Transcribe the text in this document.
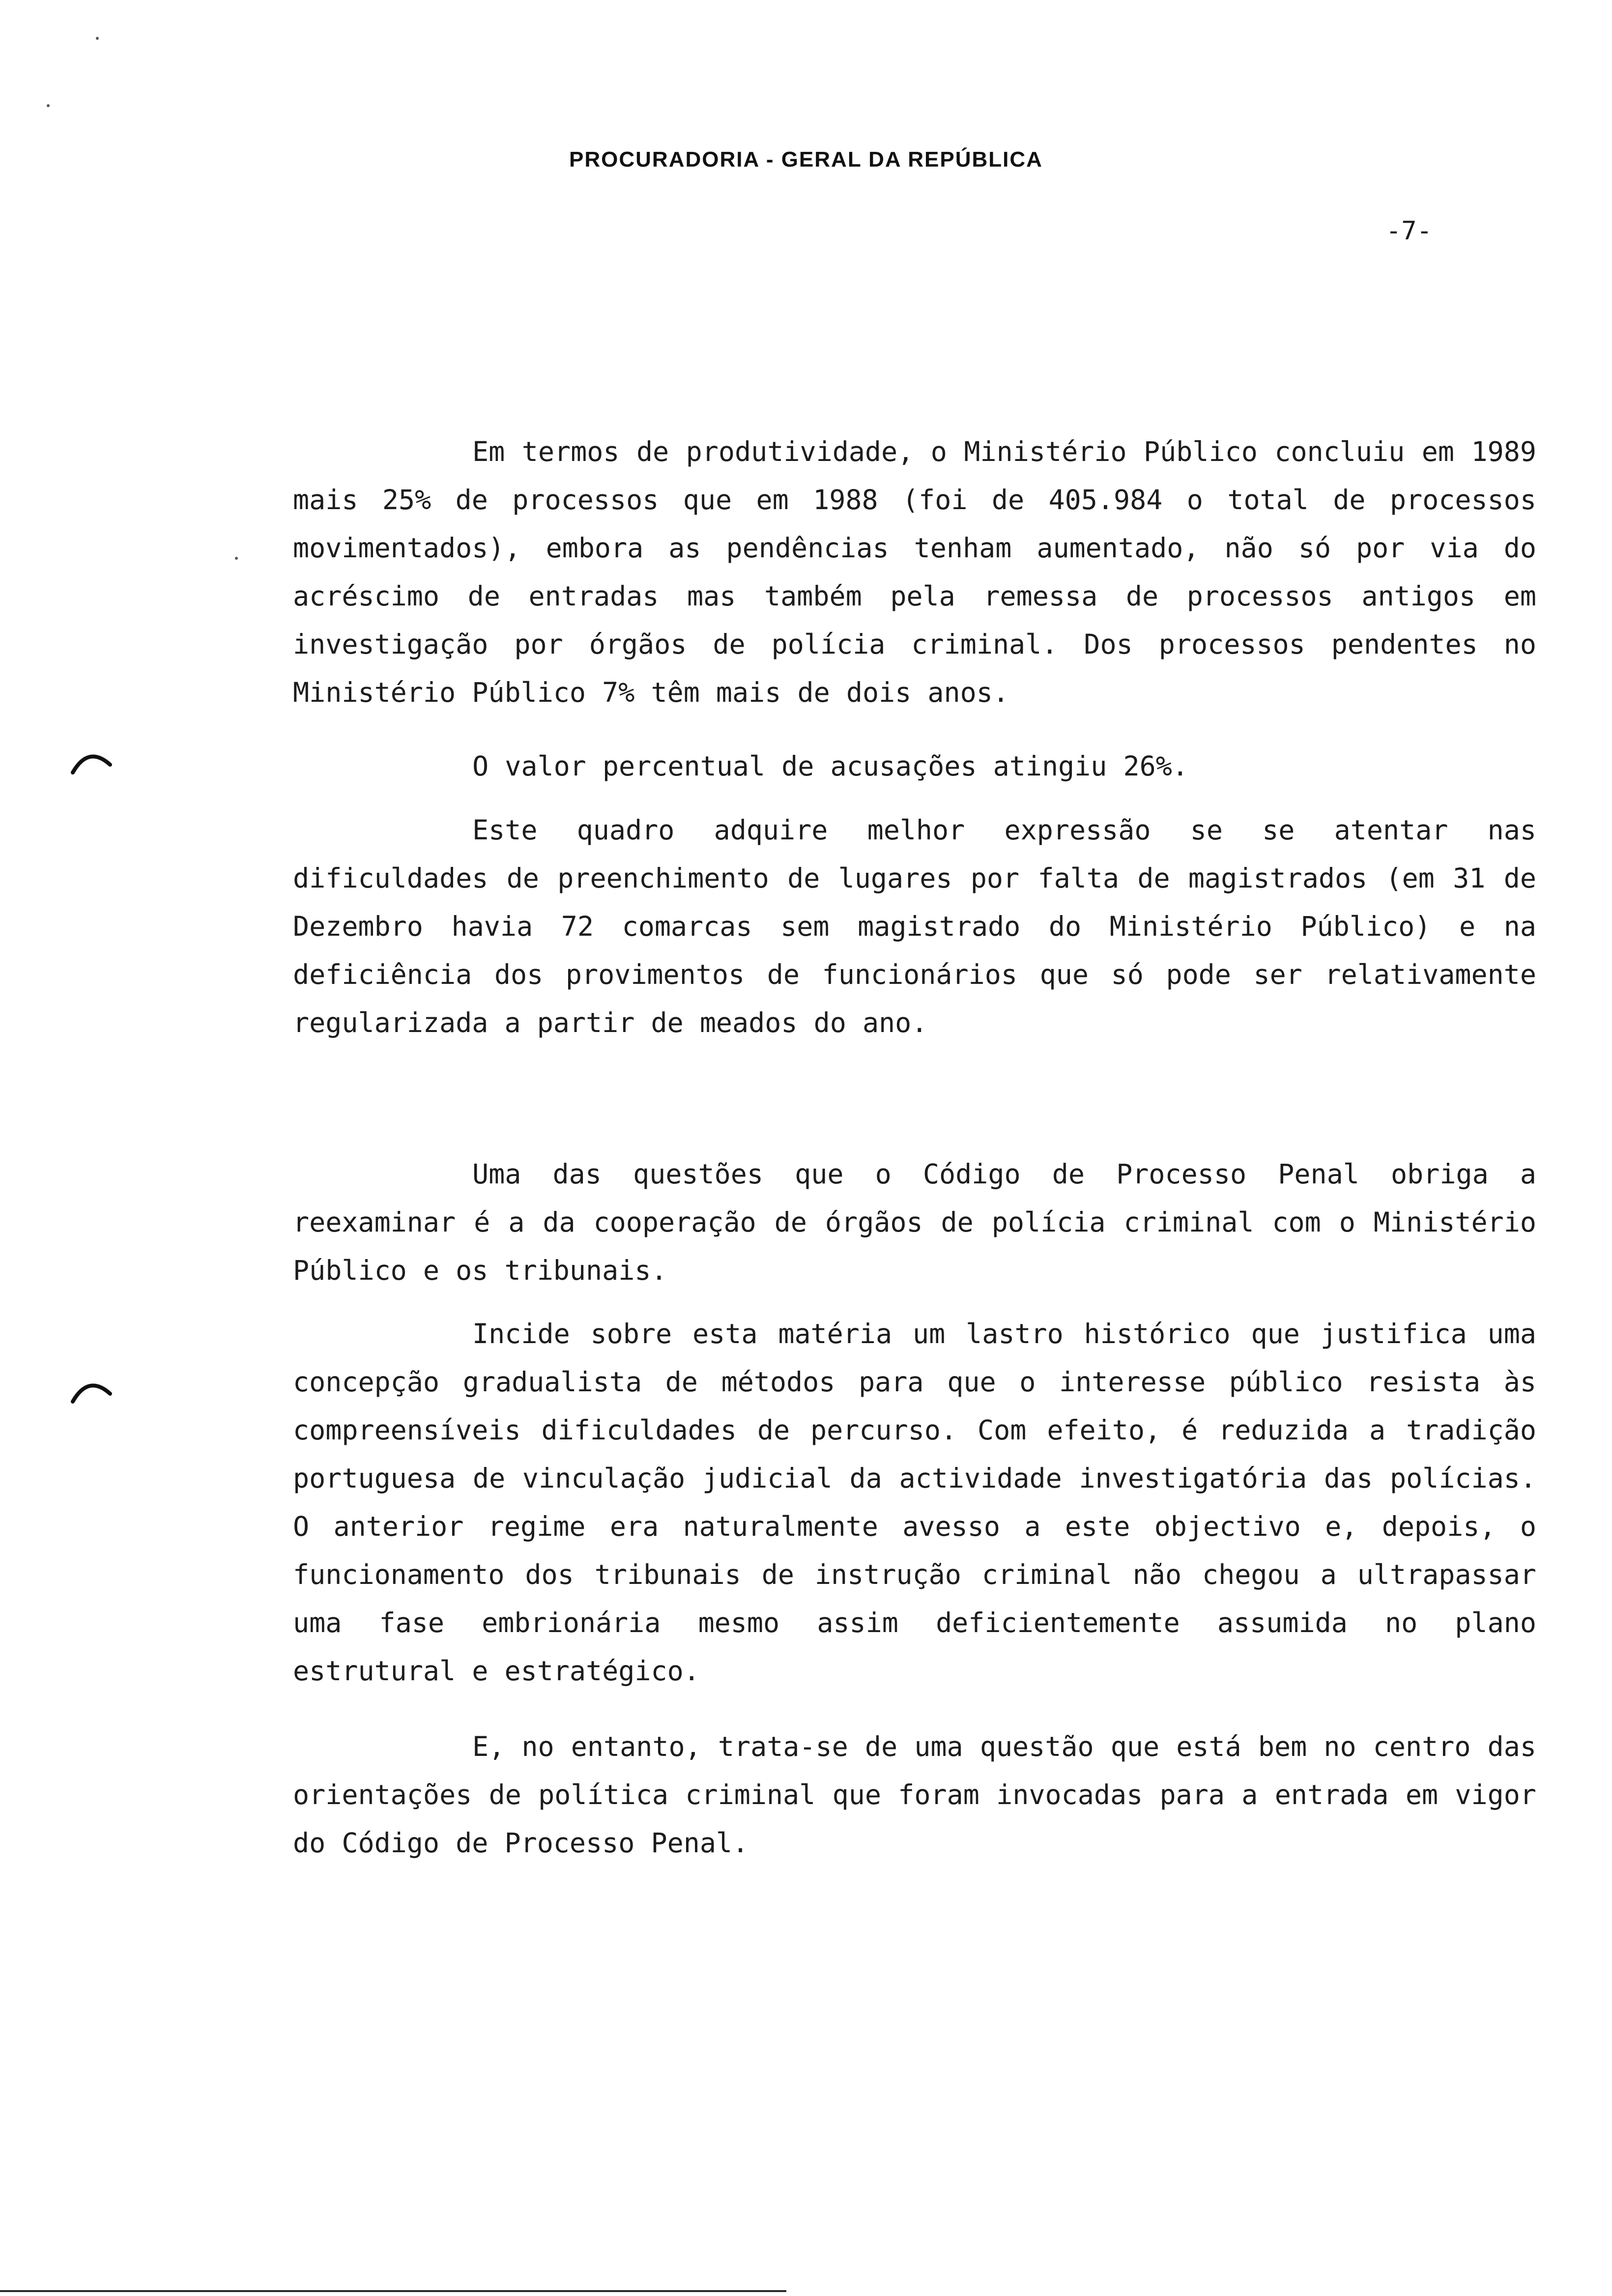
PROCURADORIA - GERAL DA REPÚBLICA
-7-

Em termos de produtividade, o Ministério Público concluiu em 1989 mais 25% de processos que em 1988 (foi de 405.984 o total de processos movimentados), embora as pendências tenham aumentado, não só por via do acréscimo de entradas mas também pela remessa de processos antigos em investigação por órgãos de polícia criminal. Dos processos pendentes no Ministério Público 7% têm mais de dois anos.

O valor percentual de acusações atingiu 26%.

Este quadro adquire melhor expressão se se atentar nas dificuldades de preenchimento de lugares por falta de magistrados (em 31 de Dezembro havia 72 comarcas sem magistrado do Ministério Público) e na deficiência dos provimentos de funcionários que só pode ser relativamente regularizada a partir de meados do ano.

Uma das questões que o Código de Processo Penal obriga a reexaminar é a da cooperação de órgãos de polícia criminal com o Ministério Público e os tribunais.

Incide sobre esta matéria um lastro histórico que justifica uma concepção gradualista de métodos para que o interesse público resista às compreensíveis dificuldades de percurso. Com efeito, é reduzida a tradição portuguesa de vinculação judicial da actividade investigatória das polícias. O anterior regime era naturalmente avesso a este objectivo e, depois, o funcionamento dos tribunais de instrução criminal não chegou a ultrapassar uma fase embrionária mesmo assim deficientemente assumida no plano estrutural e estratégico.

E, no entanto, trata-se de uma questão que está bem no centro das orientações de política criminal que foram invocadas para a entrada em vigor do Código de Processo Penal.
